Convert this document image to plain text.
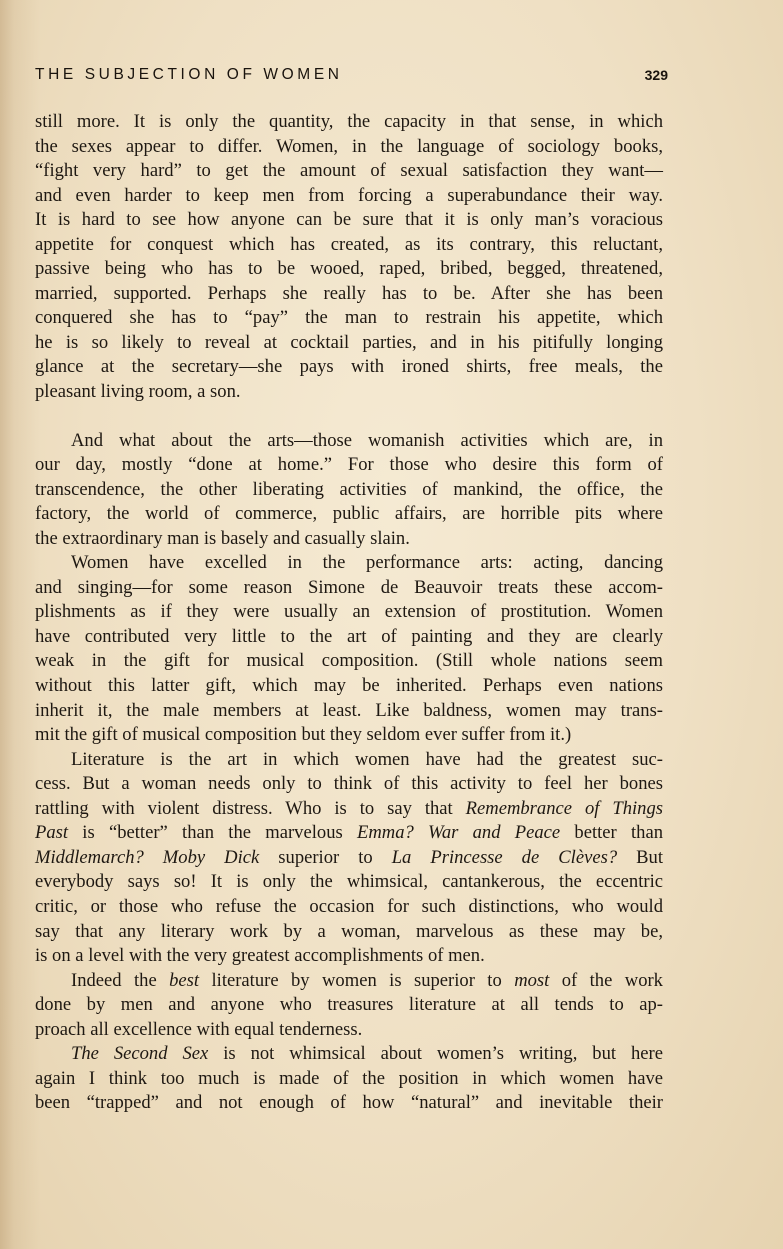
THE SUBJECTION OF WOMEN	329

still more. It is only the quantity, the capacity in that sense, in which
the sexes appear to differ. Women, in the language of sociology books,
“fight very hard” to get the amount of sexual satisfaction they want—
and even harder to keep men from forcing a superabundance their way.
It is hard to see how anyone can be sure that it is only man’s voracious
appetite for conquest which has created, as its contrary, this reluctant,
passive being who has to be wooed, raped, bribed, begged, threatened,
married, supported. Perhaps she really has to be. After she has been
conquered she has to “pay” the man to restrain his appetite, which
he is so likely to reveal at cocktail parties, and in his pitifully longing
glance at the secretary—she pays with ironed shirts, free meals, the
pleasant living room, a son.

And what about the arts—those womanish activities which are, in
our day, mostly “done at home.” For those who desire this form of
transcendence, the other liberating activities of mankind, the office, the
factory, the world of commerce, public affairs, are horrible pits where
the extraordinary man is basely and casually slain.

Women have excelled in the performance arts: acting, dancing
and singing—for some reason Simone de Beauvoir treats these accom-
plishments as if they were usually an extension of prostitution. Women
have contributed very little to the art of painting and they are clearly
weak in the gift for musical composition. (Still whole nations seem
without this latter gift, which may be inherited. Perhaps even nations
inherit it, the male members at least. Like baldness, women may trans-
mit the gift of musical composition but they seldom ever suffer from it.)

Literature is the art in which women have had the greatest suc-
cess. But a woman needs only to think of this activity to feel her bones
rattling with violent distress. Who is to say that Remembrance of Things
Past is “better” than the marvelous Emma? War and Peace better than
Middlemarch? Moby Dick superior to La Princesse de Clèves? But
everybody says so! It is only the whimsical, cantankerous, the eccentric
critic, or those who refuse the occasion for such distinctions, who would
say that any literary work by a woman, marvelous as these may be,
is on a level with the very greatest accomplishments of men.

Indeed the best literature by women is superior to most of the work
done by men and anyone who treasures literature at all tends to ap-
proach all excellence with equal tenderness.

The Second Sex is not whimsical about women’s writing, but here
again I think too much is made of the position in which women have
been “trapped” and not enough of how “natural” and inevitable their
